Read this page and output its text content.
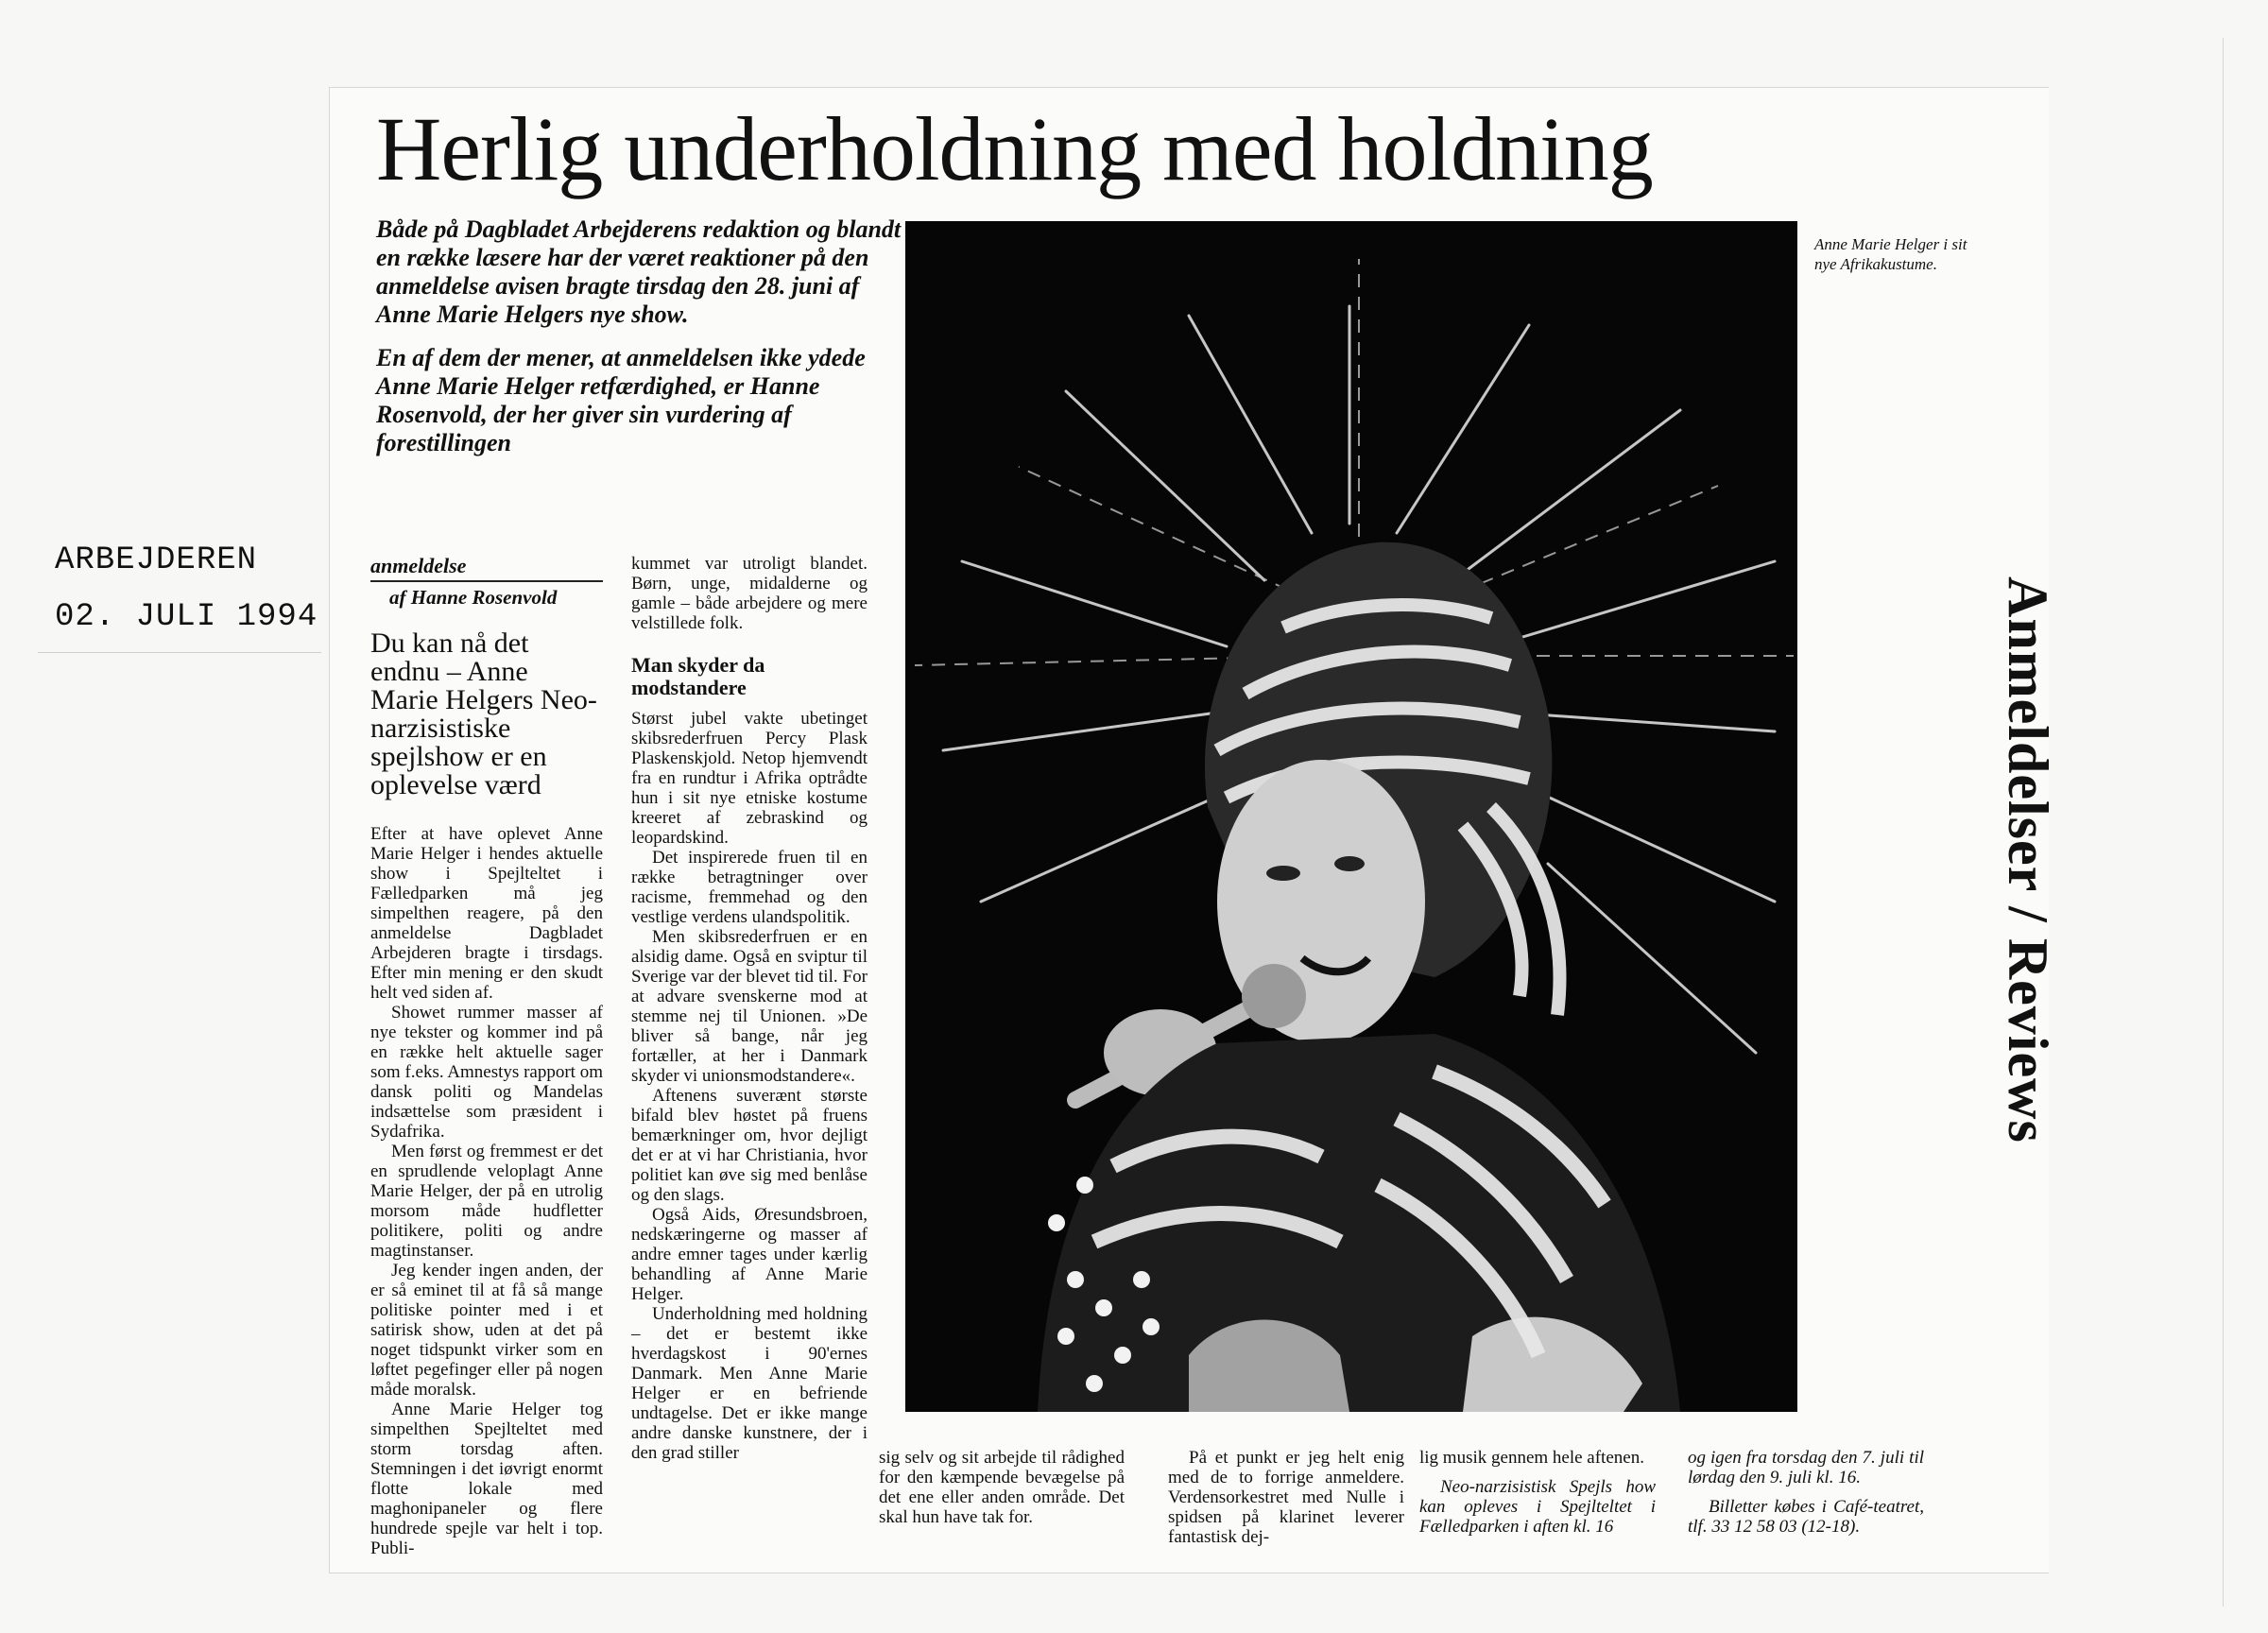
ARBEJDEREN
02. JULI 1994	Anmeldelser / Reviews
Herlig underholdning med holdning

Både på Dagbladet Arbejderens redaktion og blandt en række læsere har der været reaktioner på den anmeldelse avisen bragte tirsdag den 28. juni af Anne Marie Helgers nye show.

En af dem der mener, at anmeldelsen ikke ydede Anne Marie Helger retfærdighed, er Hanne Rosenvold, der her giver sin vurdering af forestillingen

Anne Marie Helger i sit nye Afrikakustume.
anmeldelse
af Hanne Rosenvold
Du kan nå det endnu – Anne Marie Helgers Neo-narzisistiske spejlshow er en oplevelse værd

Efter at have oplevet Anne Marie Helger i hendes aktuelle show i Spejlteltet i Fælledparken må jeg simpelthen reagere, på den anmeldelse Dagbladet Arbejderen bragte i tirsdags. Efter min mening er den skudt helt ved siden af.

Showet rummer masser af nye tekster og kommer ind på en række helt aktuelle sager som f.eks. Amnestys rapport om dansk politi og Mandelas indsættelse som præsident i Sydafrika.

Men først og fremmest er det en sprudlende veloplagt Anne Marie Helger, der på en utrolig morsom måde hudfletter politikere, politi og andre magtinstanser.

Jeg kender ingen anden, der er så eminet til at få så mange politiske pointer med i et satirisk show, uden at det på noget tidspunkt virker som en løftet pegefinger eller på nogen måde moralsk.

Anne Marie Helger tog simpelthen Spejlteltet med storm torsdag aften. Stemningen i det iøvrigt enormt flotte lokale med maghonipaneler og flere hundrede spejle var helt i top. Publi-

kummet var utroligt blandet. Børn, unge, midalderne og gamle – både arbejdere og mere velstillede folk.

Man skyder da modstandere

Størst jubel vakte ubetinget skibsrederfruen Percy Plask Plaskenskjold. Netop hjemvendt fra en rundtur i Afrika optrådte hun i sit nye etniske kostume kreeret af zebraskind og leopardskind.

Det inspirerede fruen til en række betragtninger over racisme, fremmehad og den vestlige verdens ulandspolitik.

Men skibsrederfruen er en alsidig dame. Også en sviptur til Sverige var der blevet tid til. For at advare svenskerne mod at stemme nej til Unionen. »De bliver så bange, når jeg fortæller, at her i Danmark skyder vi unionsmodstandere«.

Aftenens suverænt største bifald blev høstet på fruens bemærkninger om, hvor dejligt det er at vi har Christiania, hvor politiet kan øve sig med benlåse og den slags.

Også Aids, Øresundsbroen, nedskæringerne og masser af andre emner tages under kærlig behandling af Anne Marie Helger.

Underholdning med holdning – det er bestemt ikke hverdagskost i 90'ernes Danmark. Men Anne Marie Helger er en befriende undtagelse. Det er ikke mange andre danske kunstnere, der i den grad stiller	sig selv og sit arbejde til rådighed for den kæmpende bevægelse på det ene eller anden område. Det skal hun have tak for.

På et punkt er jeg helt enig med de to forrige anmeldere. Verdensorkestret med Nulle i spidsen på klarinet leverer fantastisk dej-

lig musik gennem hele aftenen.

Neo-narzisistisk Spejls how kan opleves i Spejlteltet i Fælledparken i aften kl. 16

og igen fra torsdag den 7. juli til lørdag den 9. juli kl. 16.

Billetter købes i Café-teatret, tlf. 33 12 58 03 (12-18).
